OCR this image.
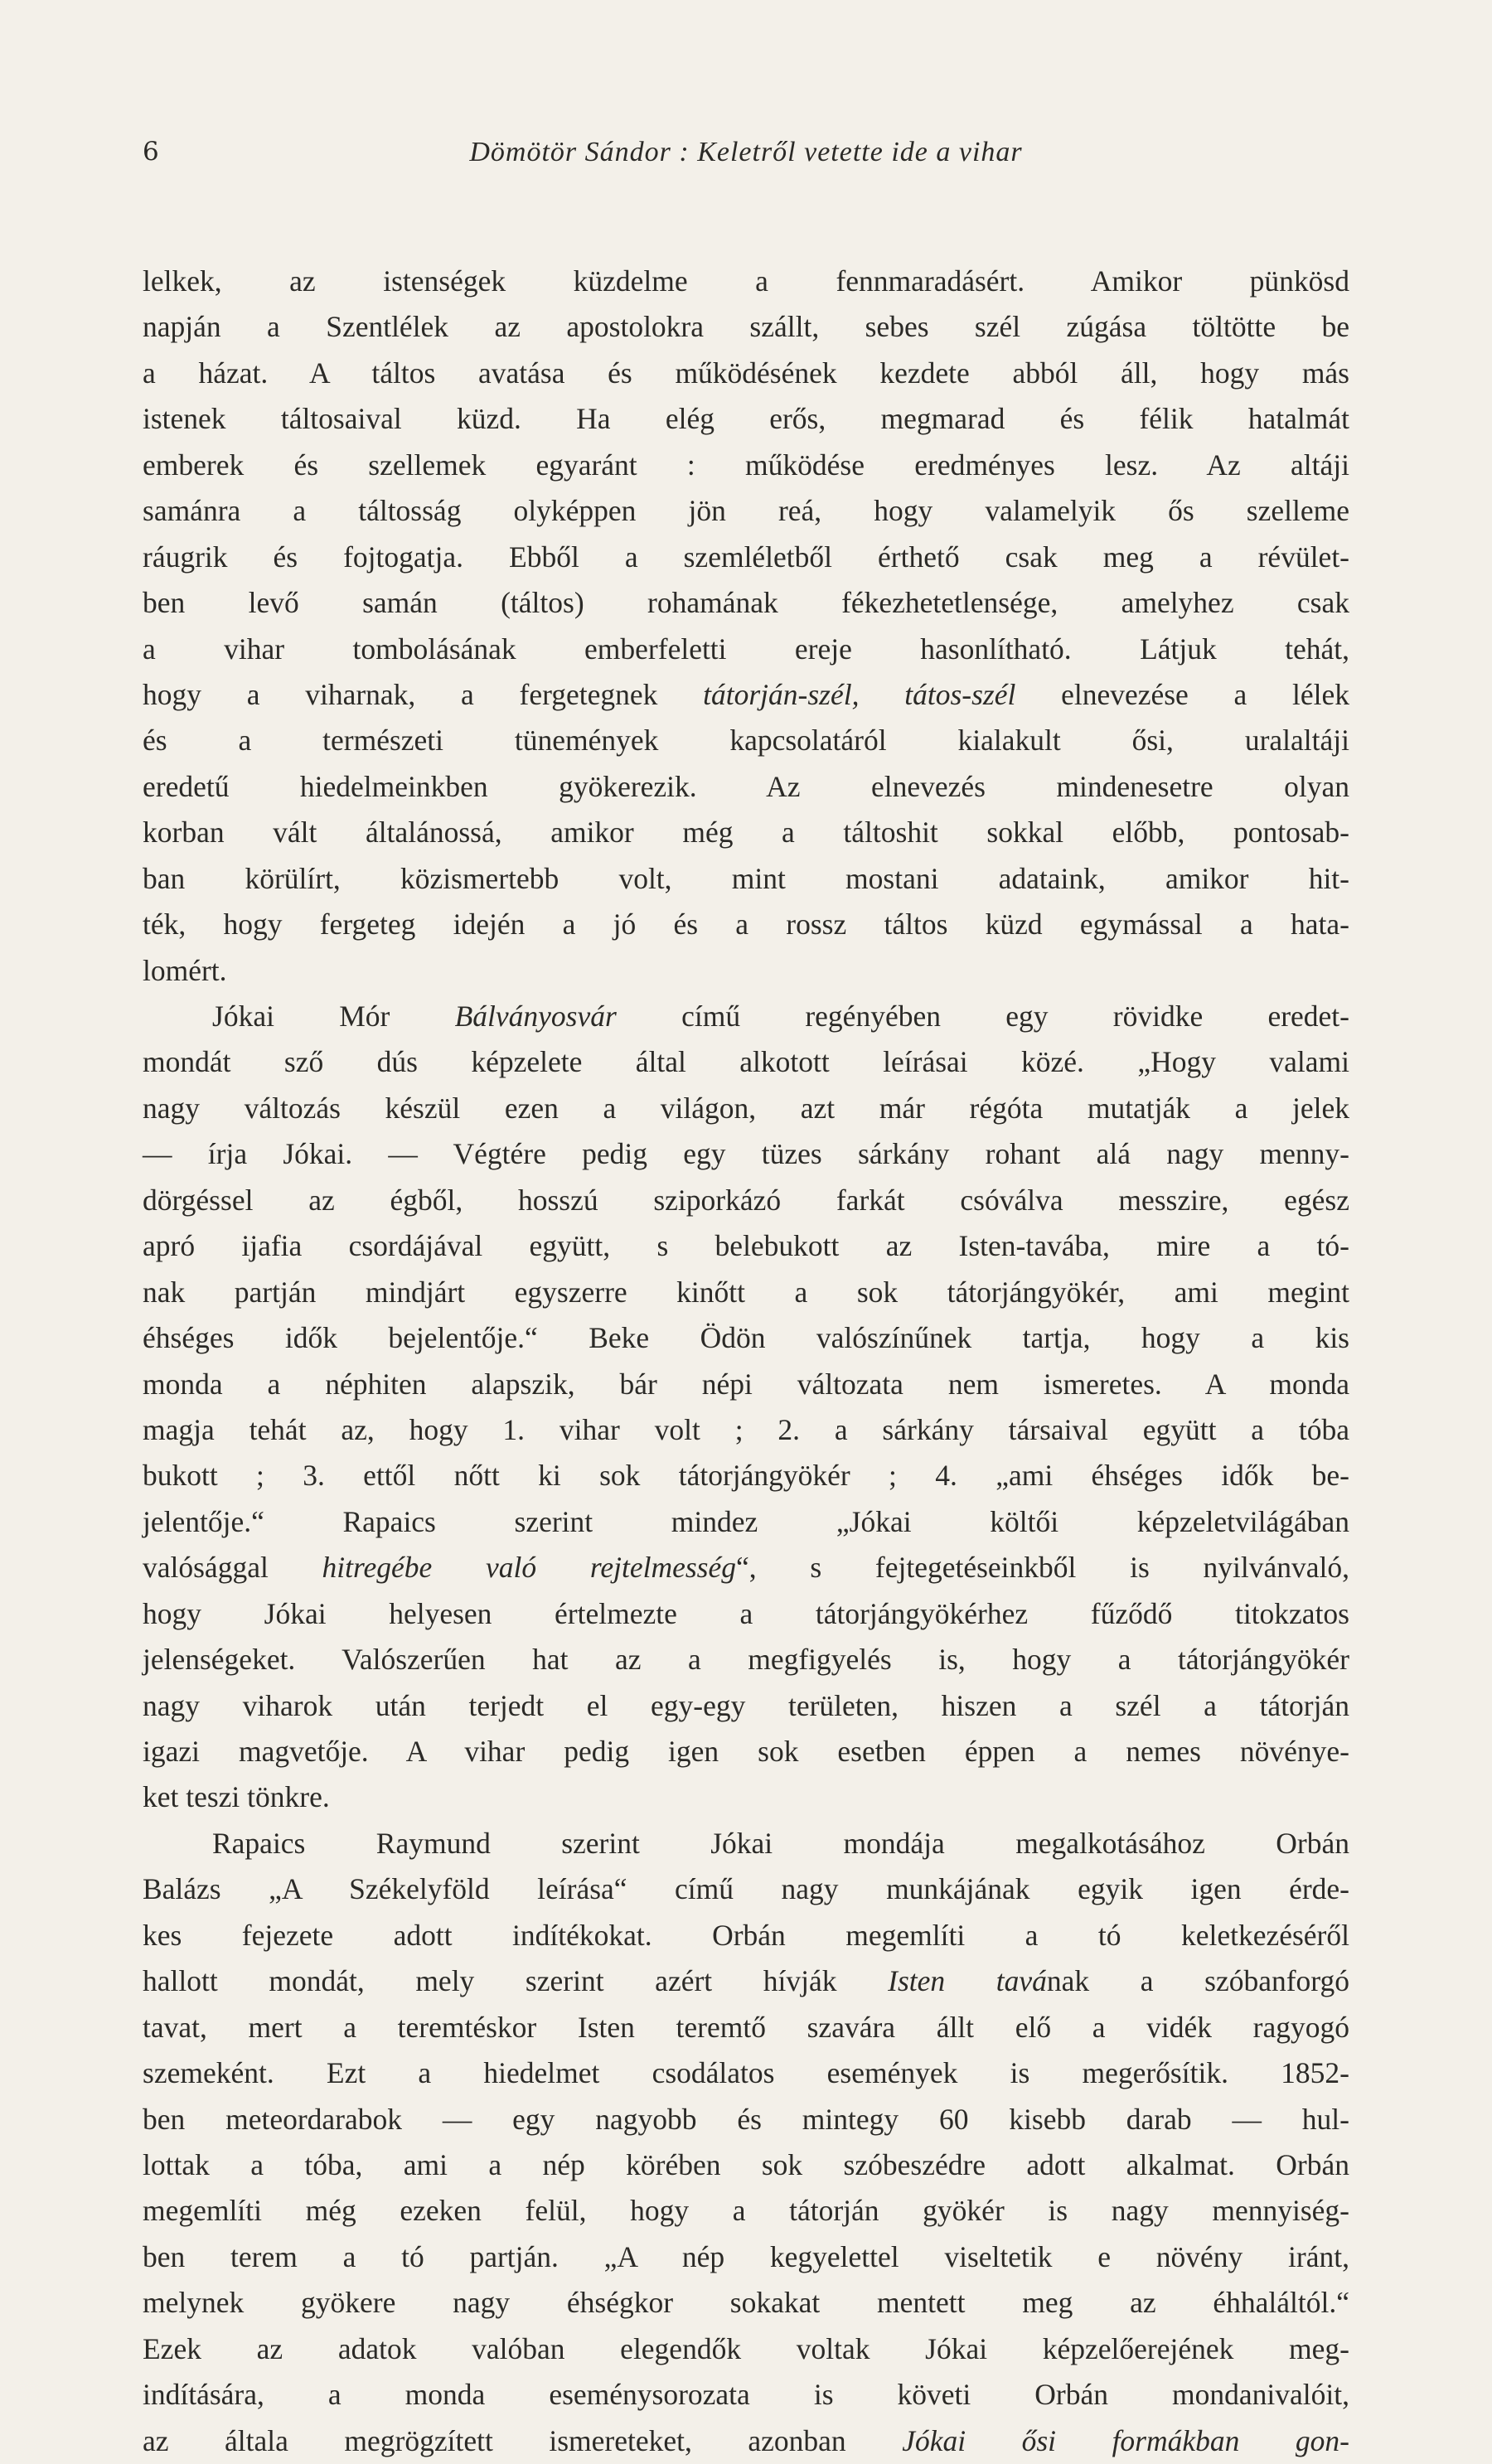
6	Dömötör Sándor : Keletről vetette ide a vihar
lelkek, az istenségek küzdelme a fennmaradásért. Amikor pünkösd
napján a Szentlélek az apostolokra szállt, sebes szél zúgása töltötte be
a házat. A táltos avatása és működésének kezdete abból áll, hogy más
istenek táltosaival küzd. Ha elég erős, megmarad és félik hatalmát
emberek és szellemek egyaránt : működése eredményes lesz. Az altáji
samánra a táltosság olyképpen jön reá, hogy valamelyik ős szelleme
ráugrik és fojtogatja. Ebből a szemléletből érthető csak meg a révület-
ben levő samán (táltos) rohamának fékezhetetlensége, amelyhez csak
a vihar tombolásának emberfeletti ereje hasonlítható. Látjuk tehát,
hogy a viharnak, a fergetegnek tátorján-szél, tátos-szél elnevezése a lélek
és a természeti tünemények kapcsolatáról kialakult ősi, uralaltáji
eredetű hiedelmeinkben gyökerezik. Az elnevezés mindenesetre olyan
korban vált általánossá, amikor még a táltoshit sokkal előbb, pontosab-
ban körülírt, közismertebb volt, mint mostani adataink, amikor hit-
ték, hogy fergeteg idején a jó és a rossz táltos küzd egymással a hata-
lomért.
Jókai Mór Bálványosvár című regényében egy rövidke eredet-
mondát sző dús képzelete által alkotott leírásai közé. „Hogy valami
nagy változás készül ezen a világon, azt már régóta mutatják a jelek
— írja Jókai. — Végtére pedig egy tüzes sárkány rohant alá nagy menny-
dörgéssel az égből, hosszú sziporkázó farkát csóválva messzire, egész
apró ijafia csordájával együtt, s belebukott az Isten-tavába, mire a tó-
nak partján mindjárt egyszerre kinőtt a sok tátorjángyökér, ami megint
éhséges idők bejelentője.“ Beke Ödön valószínűnek tartja, hogy a kis
monda a néphiten alapszik, bár népi változata nem ismeretes. A monda
magja tehát az, hogy 1. vihar volt ; 2. a sárkány társaival együtt a tóba
bukott ; 3. ettől nőtt ki sok tátorjángyökér ; 4. „ami éhséges idők be-
jelentője.“ Rapaics szerint mindez „Jókai költői képzeletvilágában
valósággal hitregébe való rejtelmesség“, s fejtegetéseinkből is nyilvánvaló,
hogy Jókai helyesen értelmezte a tátorjángyökérhez fűződő titokzatos
jelenségeket. Valószerűen hat az a megfigyelés is, hogy a tátorjángyökér
nagy viharok után terjedt el egy-egy területen, hiszen a szél a tátorján
igazi magvetője. A vihar pedig igen sok esetben éppen a nemes növénye-
ket teszi tönkre.
Rapaics Raymund szerint Jókai mondája megalkotásához Orbán
Balázs „A Székelyföld leírása“ című nagy munkájának egyik igen érde-
kes fejezete adott indítékokat. Orbán megemlíti a tó keletkezéséről
hallott mondát, mely szerint azért hívják Isten tavának a szóbanforgó
tavat, mert a teremtéskor Isten teremtő szavára állt elő a vidék ragyogó
szemeként. Ezt a hiedelmet csodálatos események is megerősítik. 1852-
ben meteordarabok — egy nagyobb és mintegy 60 kisebb darab — hul-
lottak a tóba, ami a nép körében sok szóbeszédre adott alkalmat. Orbán
megemlíti még ezeken felül, hogy a tátorján gyökér is nagy mennyiség-
ben terem a tó partján. „A nép kegyelettel viseltetik e növény iránt,
melynek gyökere nagy éhségkor sokakat mentett meg az éhhaláltól.“
Ezek az adatok valóban elegendők voltak Jókai képzelőerejének meg-
indítására, a monda eseménysorozata is követi Orbán mondanivalóit,
az általa megrögzített ismereteket, azonban Jókai ősi formákban gon-
